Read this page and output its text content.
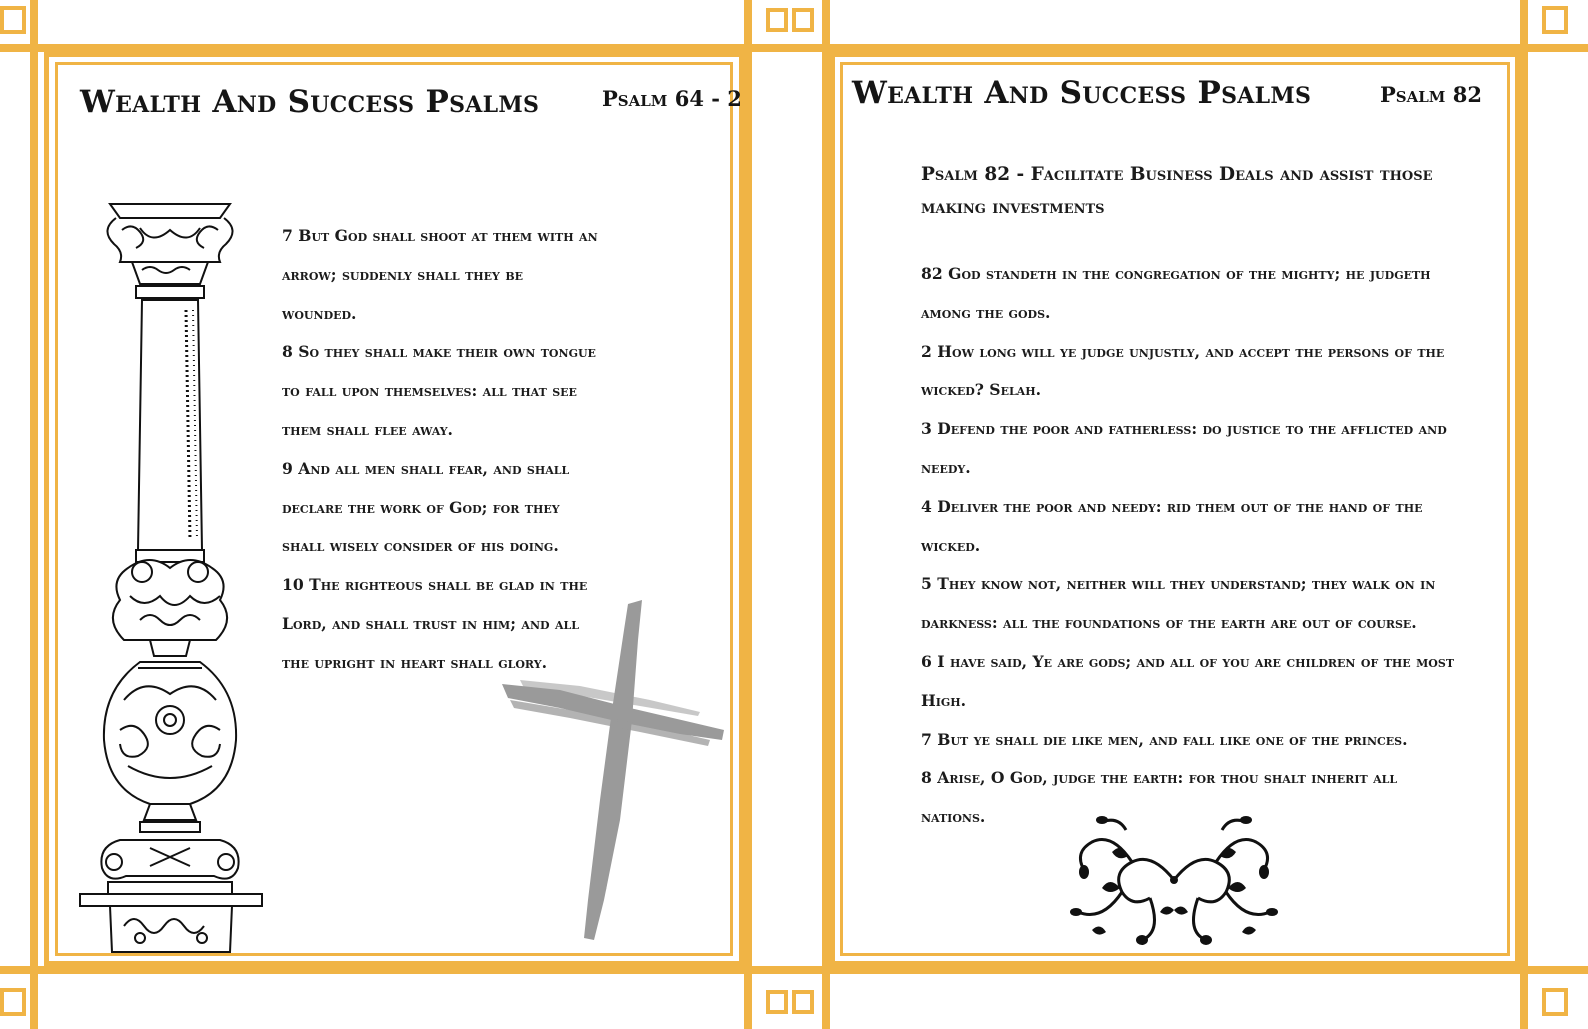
Wealth And Success Psalms	Psalm 64 - 2

7 But God shall shoot at them with an arrow; suddenly shall they be wounded.

8 So they shall make their own tongue to fall upon themselves: all that see them shall flee away.

9 And all men shall fear, and shall declare the work of God; for they shall wisely consider of his doing.

10 The righteous shall be glad in the Lord, and shall trust in him; and all the upright in heart shall glory.

Wealth And Success Psalms	Psalm 82
Psalm 82 - Facilitate Business Deals and assist those making investments

82 God standeth in the congregation of the mighty; he judgeth among the gods.

2 How long will ye judge unjustly, and accept the persons of the wicked? Selah.

3 Defend the poor and fatherless: do justice to the afflicted and needy.

4 Deliver the poor and needy: rid them out of the hand of the wicked.

5 They know not, neither will they understand; they walk on in darkness: all the foundations of the earth are out of course.

6 I have said, Ye are gods; and all of you are children of the most High.

7 But ye shall die like men, and fall like one of the princes.

8 Arise, O God, judge the earth: for thou shalt inherit all nations.
